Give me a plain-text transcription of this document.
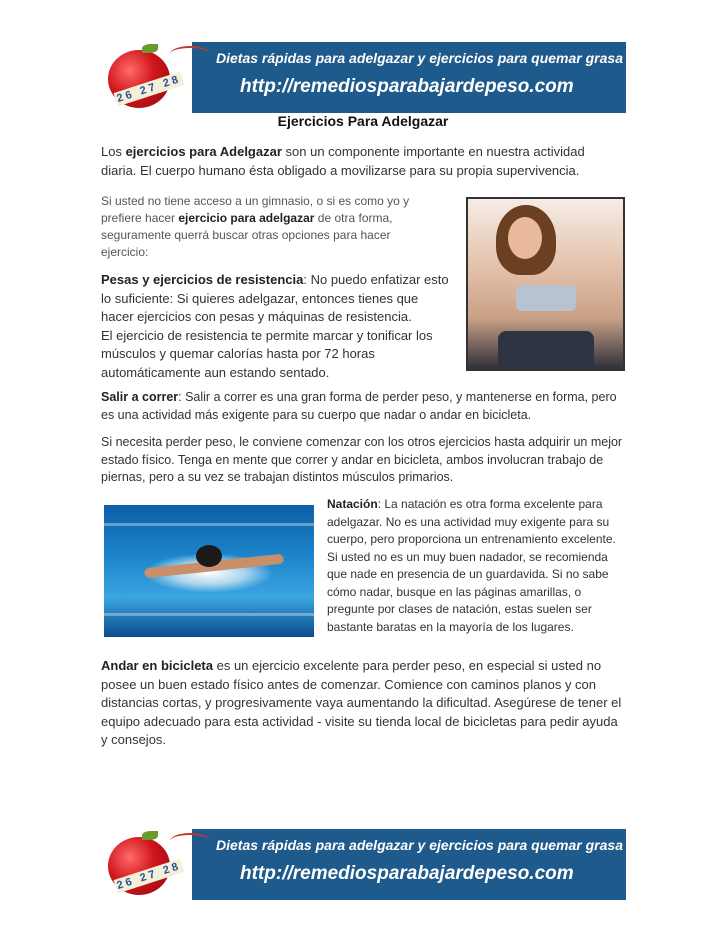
26 27 28
Dietas rápidas para adelgazar y ejercicios para quemar grasa
http://remediosparabajardepeso.com
Ejercicios Para Adelgazar

Los ejercicios para Adelgazar son un componente importante en nuestra actividad diaria. El cuerpo humano ésta obligado a movilizarse para su propia supervivencia.

Si usted no tiene acceso a un gimnasio, o si es como yo y prefiere hacer ejercicio para adelgazar de otra forma, seguramente querrá buscar otras opciones para hacer ejercicio:

Pesas y ejercicios de resistencia: No puedo enfatizar esto lo suficiente: Si quieres adelgazar, entonces tienes que hacer ejercicios con pesas y máquinas de resistencia.
El ejercicio de resistencia te permite marcar y tonificar los músculos y quemar calorías hasta por 72 horas automáticamente aun estando sentado.

Salir a correr: Salir a correr es una gran forma de perder peso, y mantenerse en forma, pero es una actividad más exigente para su cuerpo que nadar o andar en bicicleta.

Si necesita perder peso, le conviene comenzar con los otros ejercicios hasta adquirir un mejor estado físico. Tenga en mente que correr y andar en bicicleta, ambos involucran trabajo de piernas, pero a su vez se trabajan distintos músculos primarios.

Natación: La natación es otra forma excelente para adelgazar. No es una actividad muy exigente para su cuerpo, pero proporciona un entrenamiento excelente. Si usted no es un muy buen nadador, se recomienda que nade en presencia de un guardavida. Si no sabe cómo nadar, busque en las páginas amarillas, o pregunte por clases de natación, estas suelen ser bastante baratas en la mayoría de los lugares.

Andar en bicicleta es un ejercicio excelente para perder peso, en especial si usted no posee un buen estado físico antes de comenzar. Comience con caminos planos y con distancias cortas, y progresivamente vaya aumentando la dificultad. Asegúrese de tener el equipo adecuado para esta actividad - visite su tienda local de bicicletas para pedir ayuda y consejos.

26 27 28
Dietas rápidas para adelgazar y ejercicios para quemar grasa
http://remediosparabajardepeso.com
